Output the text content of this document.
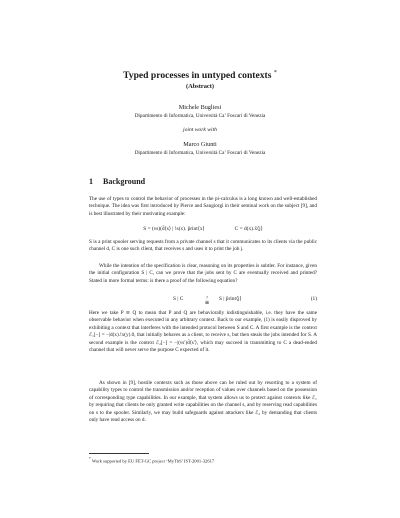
Typed processes in untyped contexts *
(Abstract)
Michele Bugliesi
Dipartimento di Informatica, Università Ca’ Foscari di Venezia
joint work with
Marco Giunti
Dipartimento di Informatica, Università Ca’ Foscari di Venezia
1 Background

The use of types to control the behavior of processes in the pi-calculus is a long known and well-established technique. The idea was first introduced by Pierce and Sangiorgi in their seminal work on the subject [9], and is best illustrated by their motivating example:

S = (νs)(d̄⟨s⟩ | !s(x). p̄rint⟨x⟩	C = d(x).x̄⟨j⟩

S is a print spooler serving requests from a private channel s that it communicates to its clients via the public channel d, C is one such client, that receives s and uses it to print the job j.

While the intention of the specification is clear, reasoning on its properties is subtler. For instance, given the initial configuration S | C, can we prove that the jobs sent by C are eventually received and printed? Stated in more formal terms: is there a proof of the following equation?

S | C	?
≅
S | p̄rint⟨j⟩	(1)

Here we take P ≅ Q to mean that P and Q are behaviorally indistinguishable, i.e. they have the same observable behavior when executed in any arbitrary context. Back to our example, (1) is easily disproved by exhibiting a context that interferes with the intended protocol between S and C. A first example is the context ℰ₁[−] = −|d(x).!x(y).0, that initially behaves as a client, to receive s, but then steals the jobs intended for S. A second example is the context ℰ₂[−] = −|(νs′)d̄⟨s′⟩, which may succeed in transmitting to C a dead-ended channel that will never serve the purpose C expected of it.

As shown in [9], hostile contexts such as those above can be ruled out by resorting to a system of capability types to control the transmission and/or reception of values over channels based on the possession of corresponding type capabilities. In our example, that system allows us to protect against contexts like ℰ₁ by requiring that clients be only granted write capabilities on the channel s, and by reserving read capabilities on s to the spooler. Similarly, we may build safeguards against attackers like ℰ₂ by demanding that clients only have read access on d.

* Work supported by EU FET-GC project ‘MyThS’ IST-2001-32617
